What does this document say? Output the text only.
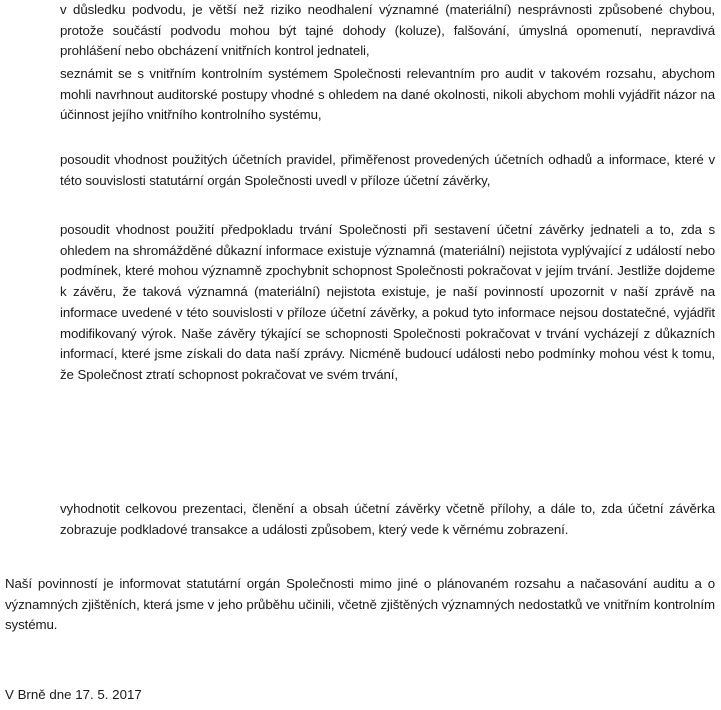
v důsledku podvodu, je větší než riziko neodhalení významné (materiální) nesprávnosti způsobené chybou, protože součástí podvodu mohou být tajné dohody (koluze), falšování, úmyslná opomenutí, nepravdivá prohlášení nebo obcházení vnitřních kontrol jednateli,

seznámit se s vnitřním kontrolním systémem Společnosti relevantním pro audit v takovém rozsahu, abychom mohli navrhnout auditorské postupy vhodné s ohledem na dané okolnosti, nikoli abychom mohli vyjádřit názor na účinnost jejího vnitřního kontrolního systému,

posoudit vhodnost použitých účetních pravidel, přiměřenost provedených účetních odhadů a informace, které v této souvislosti statutární orgán Společnosti uvedl v příloze účetní závěrky,

posoudit vhodnost použití předpokladu trvání Společnosti při sestavení účetní závěrky jednateli a to, zda s ohledem na shromážděné důkazní informace existuje významná (materiální) nejistota vyplývající z událostí nebo podmínek, které mohou významně zpochybnit schopnost Společnosti pokračovat v jejím trvání. Jestliže dojdeme k závěru, že taková významná (materiální) nejistota existuje, je naší povinností upozornit v naší zprávě na informace uvedené v této souvislosti v příloze účetní závěrky, a pokud tyto informace nejsou dostatečné, vyjádřit modifikovaný výrok. Naše závěry týkající se schopnosti Společnosti pokračovat v trvání vycházejí z důkazních informací, které jsme získali do data naší zprávy. Nicméně budoucí události nebo podmínky mohou vést k tomu, že Společnost ztratí schopnost pokračovat ve svém trvání,

vyhodnotit celkovou prezentaci, členění a obsah účetní závěrky včetně přílohy, a dále to, zda účetní závěrka zobrazuje podkladové transakce a události způsobem, který vede k věrnému zobrazení.

Naší povinností je informovat statutární orgán Společnosti mimo jiné o plánovaném rozsahu a načasování auditu a o významných zjištěních, která jsme v jeho průběhu učinili, včetně zjištěných významných nedostatků ve vnitřním kontrolním systému.

V Brně dne 17. 5. 2017
